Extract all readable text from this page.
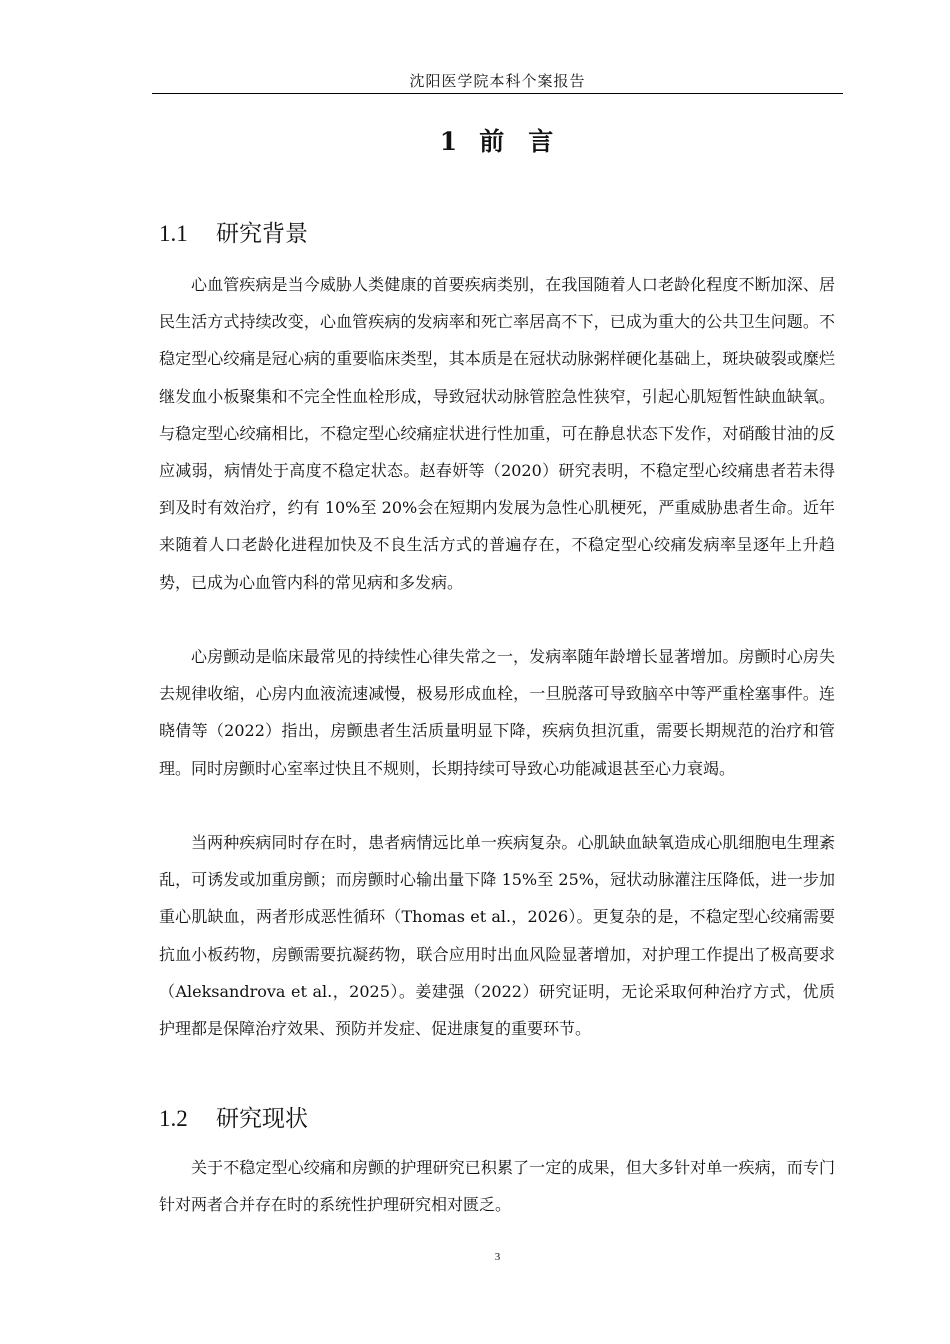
沈阳医学院本科个案报告
1 前 言
1.1 研究背景

心血管疾病是当今威胁人类健康的首要疾病类别，在我国随着人口老龄化程度不断加深、居民生活方式持续改变，心血管疾病的发病率和死亡率居高不下，已成为重大的公共卫生问题。不稳定型心绞痛是冠心病的重要临床类型，其本质是在冠状动脉粥样硬化基础上，斑块破裂或糜烂继发血小板聚集和不完全性血栓形成，导致冠状动脉管腔急性狭窄，引起心肌短暂性缺血缺氧。与稳定型心绞痛相比，不稳定型心绞痛症状进行性加重，可在静息状态下发作，对硝酸甘油的反应减弱，病情处于高度不稳定状态。赵春妍等（2020）研究表明，不稳定型心绞痛患者若未得到及时有效治疗，约有 10%至 20%会在短期内发展为急性心肌梗死，严重威胁患者生命。近年来随着人口老龄化进程加快及不良生活方式的普遍存在，不稳定型心绞痛发病率呈逐年上升趋势，已成为心血管内科的常见病和多发病。

心房颤动是临床最常见的持续性心律失常之一，发病率随年龄增长显著增加。房颤时心房失去规律收缩，心房内血液流速减慢，极易形成血栓，一旦脱落可导致脑卒中等严重栓塞事件。连晓倩等（2022）指出，房颤患者生活质量明显下降，疾病负担沉重，需要长期规范的治疗和管理。同时房颤时心室率过快且不规则，长期持续可导致心功能减退甚至心力衰竭。

当两种疾病同时存在时，患者病情远比单一疾病复杂。心肌缺血缺氧造成心肌细胞电生理紊乱，可诱发或加重房颤；而房颤时心输出量下降 15%至 25%，冠状动脉灌注压降低，进一步加重心肌缺血，两者形成恶性循环（Thomas et al.，2026）。更复杂的是，不稳定型心绞痛需要抗血小板药物，房颤需要抗凝药物，联合应用时出血风险显著增加，对护理工作提出了极高要求（Aleksandrova et al.，2025）。姜建强（2022）研究证明，无论采取何种治疗方式，优质护理都是保障治疗效果、预防并发症、促进康复的重要环节。

1.2 研究现状

关于不稳定型心绞痛和房颤的护理研究已积累了一定的成果，但大多针对单一疾病，而专门针对两者合并存在时的系统性护理研究相对匮乏。

3
